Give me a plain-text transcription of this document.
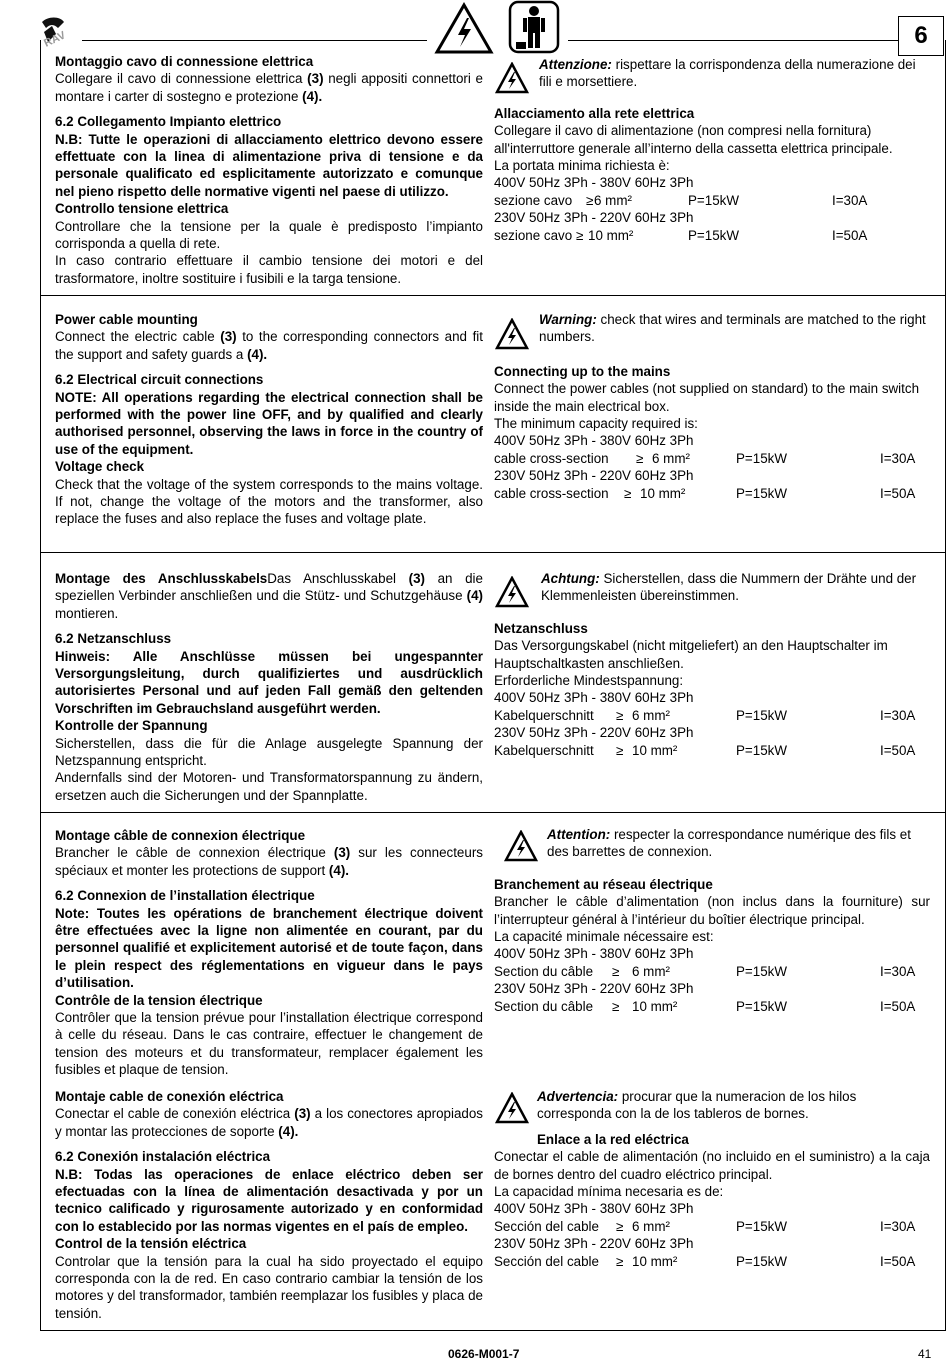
RAV	6
Montaggio cavo di connessione elettrica

Collegare il cavo di connessione elettrica (3) negli appositi connettori e montare i carter di sostegno e protezione (4).

6.2 Collegamento Impianto elettrico

N.B: Tutte le operazioni di allacciamento elettrico devono essere effettuate con la linea di alimentazione priva di tensione e da personale qualificato ed esplicitamente autorizzato e comunque nel pieno rispetto delle normative vigenti nel paese di utilizzo.

Controllo tensione elettrica

Controllare che la tensione per la quale è predisposto l’impianto corrisponda a quella di rete.

In caso contrario effettuare il cambio tensione dei motori e del trasformatore, inoltre sostituire i fusibili e la targa tensione.

Attenzione: rispettare la corrispondenza della numerazione dei fili e morsettiere.

Allacciamento alla rete elettrica

Collegare il cavo di alimentazione (non compresi nella fornitura) all'interruttore generale all’interno della cassetta elettrica principale.

La portata minima richiesta è:

400V 50Hz 3Ph - 380V 60Hz 3Ph

sezione cavo	≥ 6 mm²	P=15kW	I=30A

230V 50Hz 3Ph - 220V 60Hz 3Ph

sezione cavo ≥ 10 mm²	P=15kW	I=50A
Power cable mounting

Connect the electric cable (3) to the corresponding connectors and fit the support and safety guards a (4).

6.2 Electrical circuit connections

NOTE: All operations regarding the electrical connection shall be performed with the power line OFF, and by qualified and clearly authorised personnel, observing the laws in force in the country of use of the equipment.

Voltage check

Check that the voltage of the system corresponds to the mains voltage. If not, change the voltage of the motors and the transformer, also replace the fuses and also replace the fuses and voltage plate.

Warning: check that wires and terminals are matched to the right numbers.

Connecting up to the mains

Connect the power cables (not supplied on standard) to the main switch inside the main electrical box.

The minimum capacity required is:

400V 50Hz 3Ph - 380V 60Hz 3Ph

cable cross-section	≥ 6 mm²	P=15kW	I=30A

230V 50Hz 3Ph - 220V 60Hz 3Ph

cable cross-section	≥ 10 mm²	P=15kW	I=50A

Montage des AnschlusskabelsDas Anschlusskabel (3) an die speziellen Verbinder anschließen und die Stütz- und Schutzgehäuse (4) montieren.

6.2 Netzanschluss

Hinweis: Alle Anschlüsse müssen bei ungespannter Versorgungsleitung, durch qualifiziertes und ausdrücklich autorisiertes Personal und auf jeden Fall gemäß den geltenden Vorschriften im Gebrauchsland ausgeführt werden.

Kontrolle der Spannung

Sicherstellen, dass die für die Anlage ausgelegte Spannung der Netzspannung entspricht.

Andernfalls sind der Motoren- und Transformatorspannung zu ändern, ersetzen auch die Sicherungen und der Spannplatte.

Achtung: Sicherstellen, dass die Nummern der Drähte und der Klemmenleisten übereinstimmen.

Netzanschluss

Das Versorgungskabel (nicht mitgeliefert) an den Hauptschalter im Hauptschaltkasten anschließen.

Erforderliche Mindestspannung:

400V 50Hz 3Ph - 380V 60Hz 3Ph

Kabelquerschnitt	≥ 6 mm²	P=15kW	I=30A

230V 50Hz 3Ph - 220V 60Hz 3Ph

Kabelquerschnitt	≥ 10 mm²	P=15kW	I=50A
Montage câble de connexion électrique

Brancher le câble de connexion électrique (3) sur les connecteurs spéciaux et monter les protections de support (4).

6.2 Connexion de l’installation électrique

Note: Toutes les opérations de branchement électrique doivent être effectuées avec la ligne non alimentée en courant, par du personnel qualifié et explicitement autorisé et de toute façon, dans le plein respect des réglementations en vigueur dans le pays d’utilisation.

Contrôle de la tension électrique

Contrôler que la tension prévue pour l’installation électrique correspond à celle du réseau. Dans le cas contraire, effectuer le changement de tension des moteurs et du transformateur, remplacer également les fusibles et plaque de tension.

Attention: respecter la correspondance numérique des fils et des barrettes de connexion.

Branchement au réseau électrique

Brancher le câble d’alimentation (non inclus dans la fourniture) sur l’interrupteur général à l’intérieur du boîtier électrique principal.

La capacité minimale nécessaire est:

400V 50Hz 3Ph - 380V 60Hz 3Ph

Section du câble	≥ 6 mm²	P=15kW	I=30A

230V 50Hz 3Ph - 220V 60Hz 3Ph

Section du câble	≥ 10 mm²	P=15kW	I=50A
Montaje cable de conexión eléctrica

Conectar el cable de conexión eléctrica (3) a los conectores apropiados y montar las protecciones de soporte (4).

6.2 Conexión instalación eléctrica

N.B: Todas las operaciones de enlace eléctrico deben ser efectuadas con la línea de alimentación desactivada y por un tecnico calificado y rigurosamente autorizado y en conformidad con lo establecido por las normas vigentes en el país de empleo.

Control de la tensión eléctrica

Controlar que la tensión para la cual ha sido proyectado el equipo corresponda con la de red. En caso contrario cambiar la tensión de los motores y del transformador, también reemplazar los fusibles y placa de tensión.

Advertencia: procurar que la numeracion de los hilos corresponda con la de los tableros de bornes.

Enlace a la red eléctrica

Conectar el cable de alimentación (no incluido en el suministro) a la caja de bornes dentro del cuadro eléctrico principal.

La capacidad mínima necesaria es de:

400V 50Hz 3Ph - 380V 60Hz 3Ph

Sección del cable	≥ 6 mm²	P=15kW	I=30A

230V 50Hz 3Ph - 220V 60Hz 3Ph

Sección del cable	≥ 10 mm²	P=15kW	I=50A
0626-M001-7	41
